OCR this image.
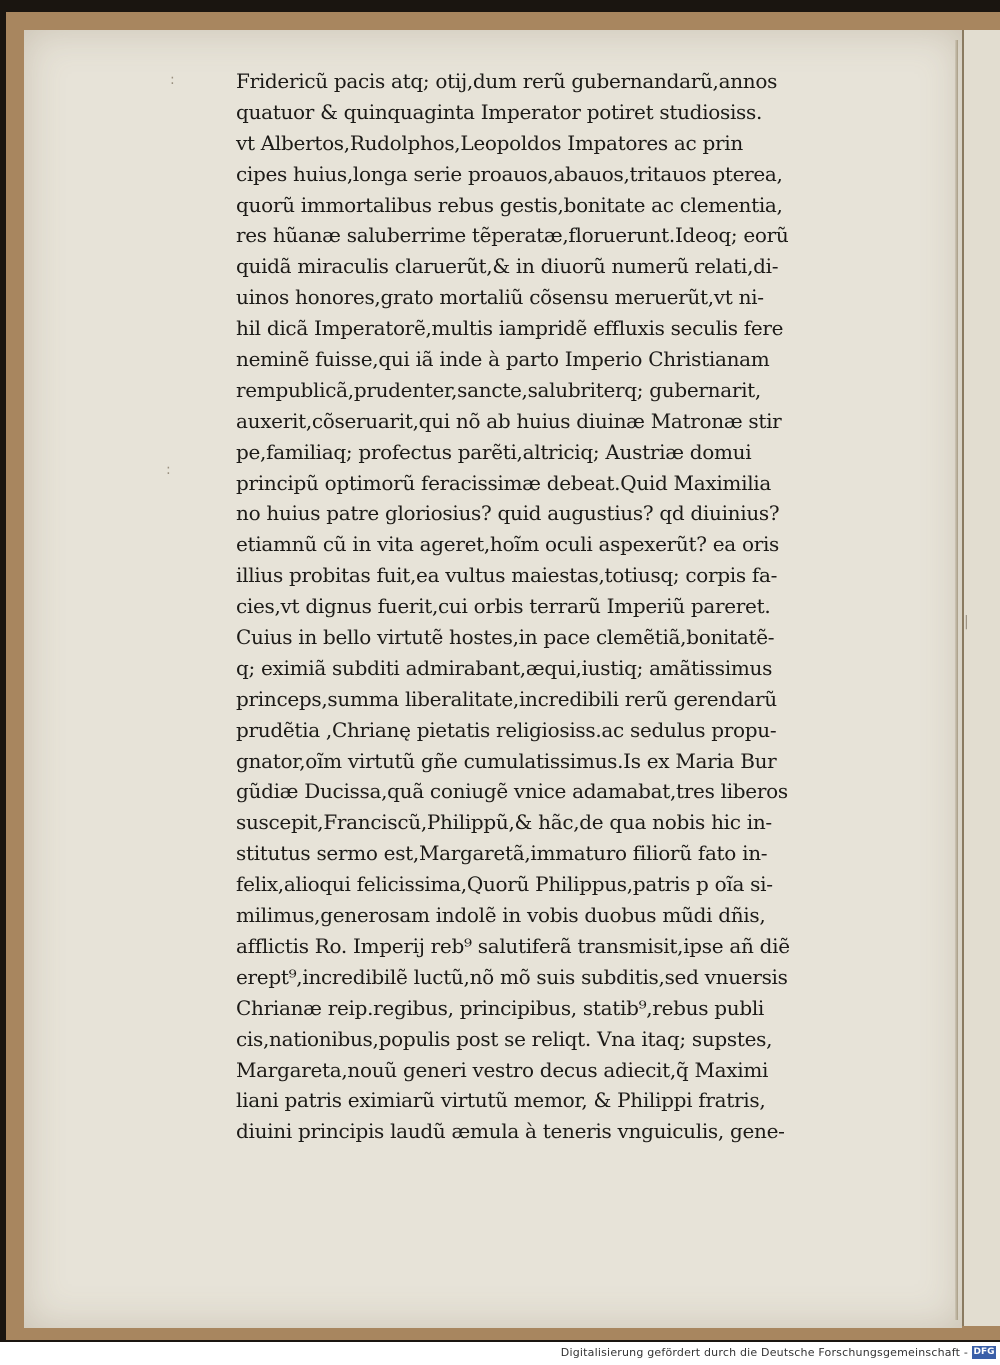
:
:
|
Fridericũ pacis atq; otij,dum rerũ gubernandarũ,annos
quatuor & quinquaginta Imperator potiret studiosiss.
vt Albertos,Rudolphos,Leopoldos Impatores ac prin
cipes huius,longa serie proauos,abauos,tritauos pterea,
quorũ immortalibus rebus gestis,bonitate ac clementia,
res hũanæ saluberrime tẽperatæ,floruerunt.Ideoq; eorũ
quidã miraculis claruerũt,& in diuorũ numerũ relati,di-
uinos honores,grato mortaliũ cõsensu meruerũt,vt ni-
hil dicã Imperatorẽ,multis iampridẽ effluxis seculis fere
neminẽ fuisse,qui iã inde à parto Imperio Christianam
rempublicã,prudenter,sancte,salubriterq; gubernarit,
auxerit,cõseruarit,qui nõ ab huius diuinæ Matronæ stir
pe,familiaq; profectus parẽti,altriciq; Austriæ domui
principũ optimorũ feracissimæ debeat.Quid Maximilia
no huius patre gloriosius? quid augustius? qd diuinius?
etiamnũ cũ in vita ageret,hoĩm oculi aspexerũt? ea oris
illius probitas fuit,ea vultus maiestas,totiusq; corpis fa-
cies,vt dignus fuerit,cui orbis terrarũ Imperiũ pareret.
Cuius in bello virtutẽ hostes,in pace clemẽtiã,bonitatẽ-
q; eximiã subditi admirabant,æqui,iustiq; amãtissimus
princeps,summa liberalitate,incredibili rerũ gerendarũ
prudẽtia ,Chrianę pietatis religiosiss.ac sedulus propu-
gnator,oĩm virtutũ gñe cumulatissimus.Is ex Maria Bur
gũdiæ Ducissa,quã coniugẽ vnice adamabat,tres liberos
suscepit,Franciscũ,Philippũ,& hãc,de qua nobis hic in-
stitutus sermo est,Margaretã,immaturo filiorũ fato in-
felix,alioqui felicissima,Quorũ Philippus,patris p oĩa si-
milimus,generosam indolẽ in vobis duobus mũdi dñis,
afflictis Ro. Imperij reb⁹ salutiferã transmisit,ipse añ diẽ
erept⁹,incredibilẽ luctũ,nõ mõ suis subditis,sed vnuersis
Chrianæ reip.regibus, principibus, statib⁹,rebus publi
cis,nationibus,populis post se reliqt. Vna itaq; supstes,
Margareta,nouũ generi vestro decus adiecit,q̃ Maximi
liani patris eximiarũ virtutũ memor, & Philippi fratris,
diuini principis laudũ æmula à teneris vnguiculis, gene-
Digitalisierung gefördert durch die Deutsche Forschungsgemeinschaft - DFG
